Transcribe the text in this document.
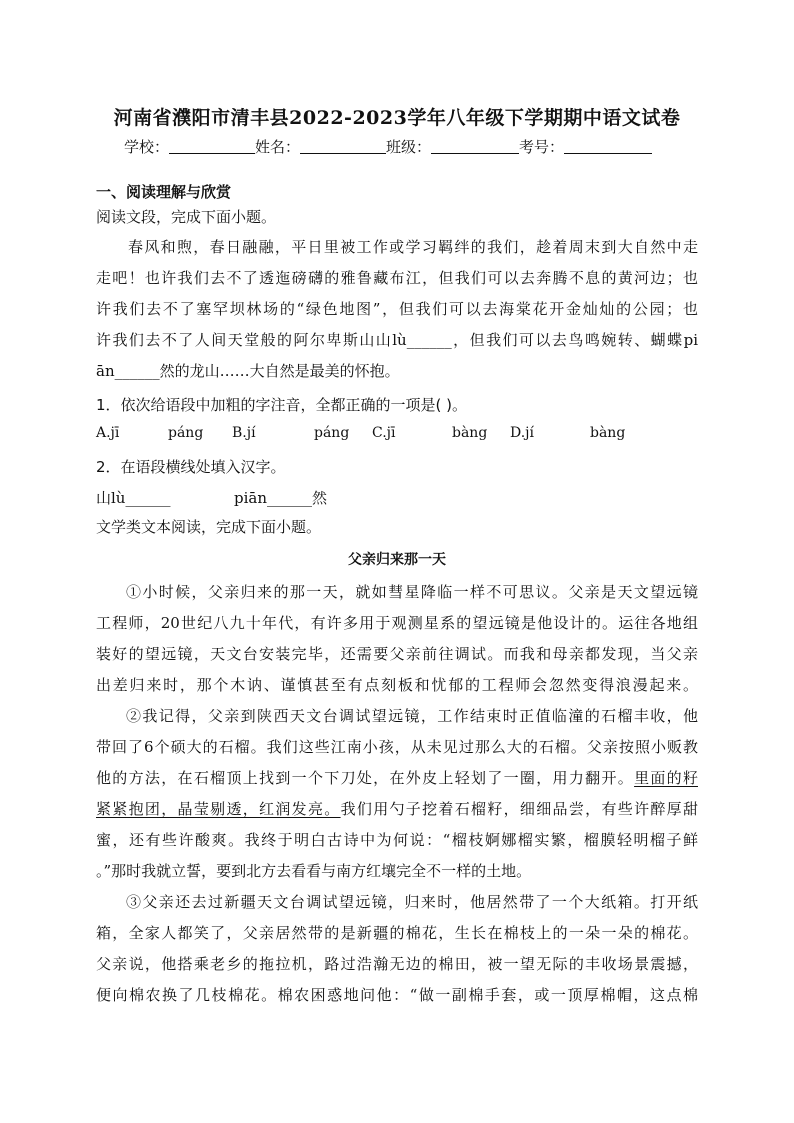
河南省濮阳市清丰县2022-2023学年八年级下学期期中语文试卷
学校：	姓名：	班级：	考号：
一、阅读理解与欣赏
阅读文段，完成下面小题。
春风和煦，春日融融，平日里被工作或学习羁绊的我们，趁着周末到大自然中走
走吧！也许我们去不了透迤磅礴的雅鲁藏布江，但我们可以去奔腾不息的黄河边；也
许我们去不了塞罕坝林场的“绿色地图”，但我们可以去海棠花开金灿灿的公园；也
许我们去不了人间天堂般的阿尔卑斯山山lù______，但我们可以去鸟鸣婉转、蝴蝶pi
ān______然的龙山……大自然是最美的怀抱。
1．依次给语段中加粗的字注音，全都正确的一项是( )。
A.jī	páng B.jí	páng C.jī	bàng D.jí	bàng
2．在语段横线处填入汉字。
山lù______	piān______然
文学类文本阅读，完成下面小题。
父亲归来那一天
①小时候，父亲归来的那一天，就如彗星降临一样不可思议。父亲是天文望远镜
工程师，20世纪八九十年代，有许多用于观测星系的望远镜是他设计的。运往各地组
装好的望远镜，天文台安装完毕，还需要父亲前往调试。而我和母亲都发现，当父亲
出差归来时，那个木讷、谨慎甚至有点刻板和忧郁的工程师会忽然变得浪漫起来。
②我记得，父亲到陕西天文台调试望远镜，工作结束时正值临潼的石榴丰收，他
带回了6个硕大的石榴。我们这些江南小孩，从未见过那么大的石榴。父亲按照小贩教
他的方法，在石榴顶上找到一个下刀处，在外皮上轻划了一圈，用力翻开。里面的籽
紧紧抱团，晶莹剔透，红润发亮。我们用勺子挖着石榴籽，细细品尝，有些许醉厚甜
蜜，还有些许酸爽。我终于明白古诗中为何说：“榴枝婀娜榴实繁，榴膜轻明榴子鲜
。”那时我就立誓，要到北方去看看与南方红壤完全不一样的土地。
③父亲还去过新疆天文台调试望远镜，归来时，他居然带了一个大纸箱。打开纸
箱，全家人都笑了，父亲居然带的是新疆的棉花，生长在棉枝上的一朵一朵的棉花。
父亲说，他搭乘老乡的拖拉机，路过浩瀚无边的棉田，被一望无际的丰收场景震撼，
便向棉农换了几枝棉花。棉农困惑地问他：“做一副棉手套，或一顶厚棉帽，这点棉
